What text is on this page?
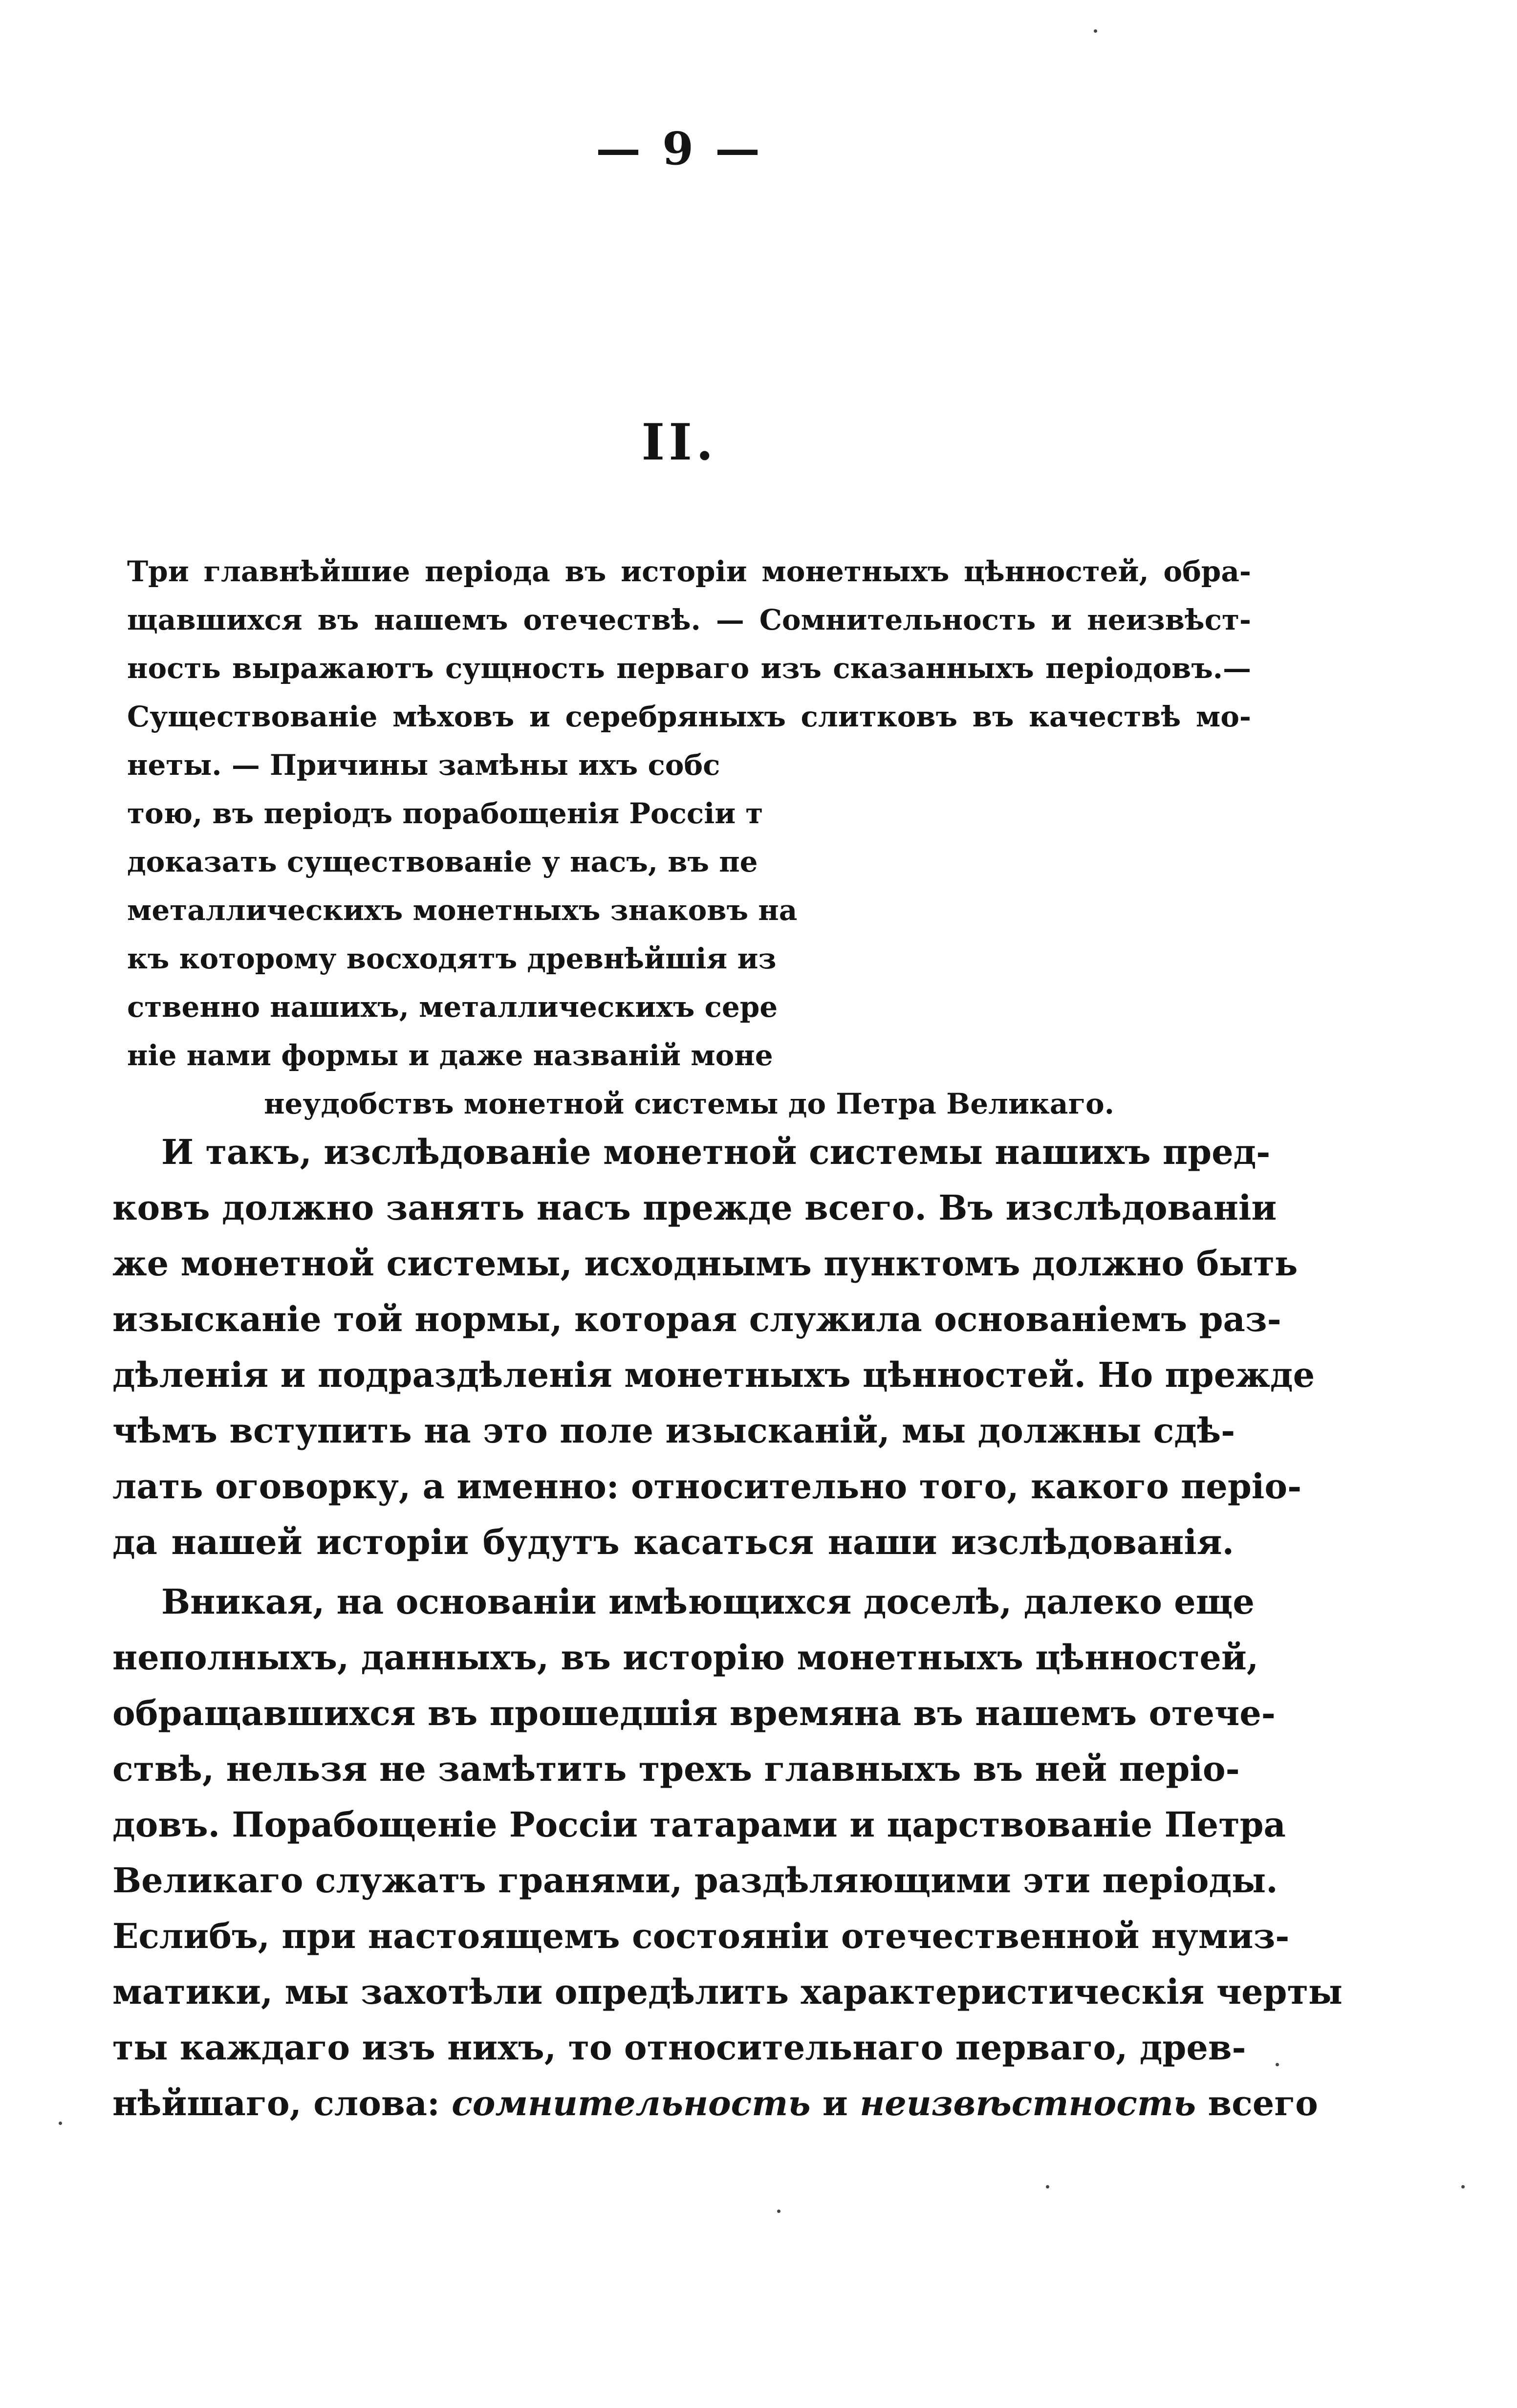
— 9 —
II.
Три главнѣйшие періода въ исторіи монетныхъ цѣнностей, обра-
щавшихся въ нашемъ отечествѣ. — Сомнительность и неизвѣст-
ность выражаютъ сущность перваго изъ сказанныхъ періодовъ.—
Существованіе мѣховъ и серебряныхъ слитковъ въ качествѣ мо-
неты. — Причины замѣны ихъ собс
тою, въ періодъ порабощенія Россіи т
доказать существованіе у насъ, въ пе
металлическихъ монетныхъ знаковъ на
къ которому восходятъ древнѣйшія из
ственно нашихъ, металлическихъ сере
ніе нами формы и даже названій моне
неудобствъ монетной системы до Петра Великаго.
И такъ, изслѣдованіе монетной системы нашихъ пред-
ковъ должно занять насъ прежде всего. Въ изслѣдованіи
же монетной системы, исходнымъ пунктомъ должно быть
изысканіе той нормы, которая служила основаніемъ раз-
дѣленія и подраздѣленія монетныхъ цѣнностей. Но прежде
чѣмъ вступить на это поле изысканій, мы должны сдѣ-
лать оговорку, а именно: относительно того, какого періо-
да нашей исторіи будутъ касаться наши изслѣдованія.
Вникая, на основаніи имѣющихся доселѣ, далеко еще
неполныхъ, данныхъ, въ исторію монетныхъ цѣнностей,
обращавшихся въ прошедшія времяна въ нашемъ отече-
ствѣ, нельзя не замѣтить трехъ главныхъ въ ней періо-
довъ. Порабощеніе Россіи татарами и царствованіе Петра
Великаго служатъ гранями, раздѣляющими эти періоды.
Еслибъ, при настоящемъ состояніи отечественной нумиз-
матики, мы захотѣли опредѣлить характеристическія черты
ты каждаго изъ нихъ, то относительнаго перваго, древ-
нѣйшаго, слова: сомнительность и неизвѣстность всего
